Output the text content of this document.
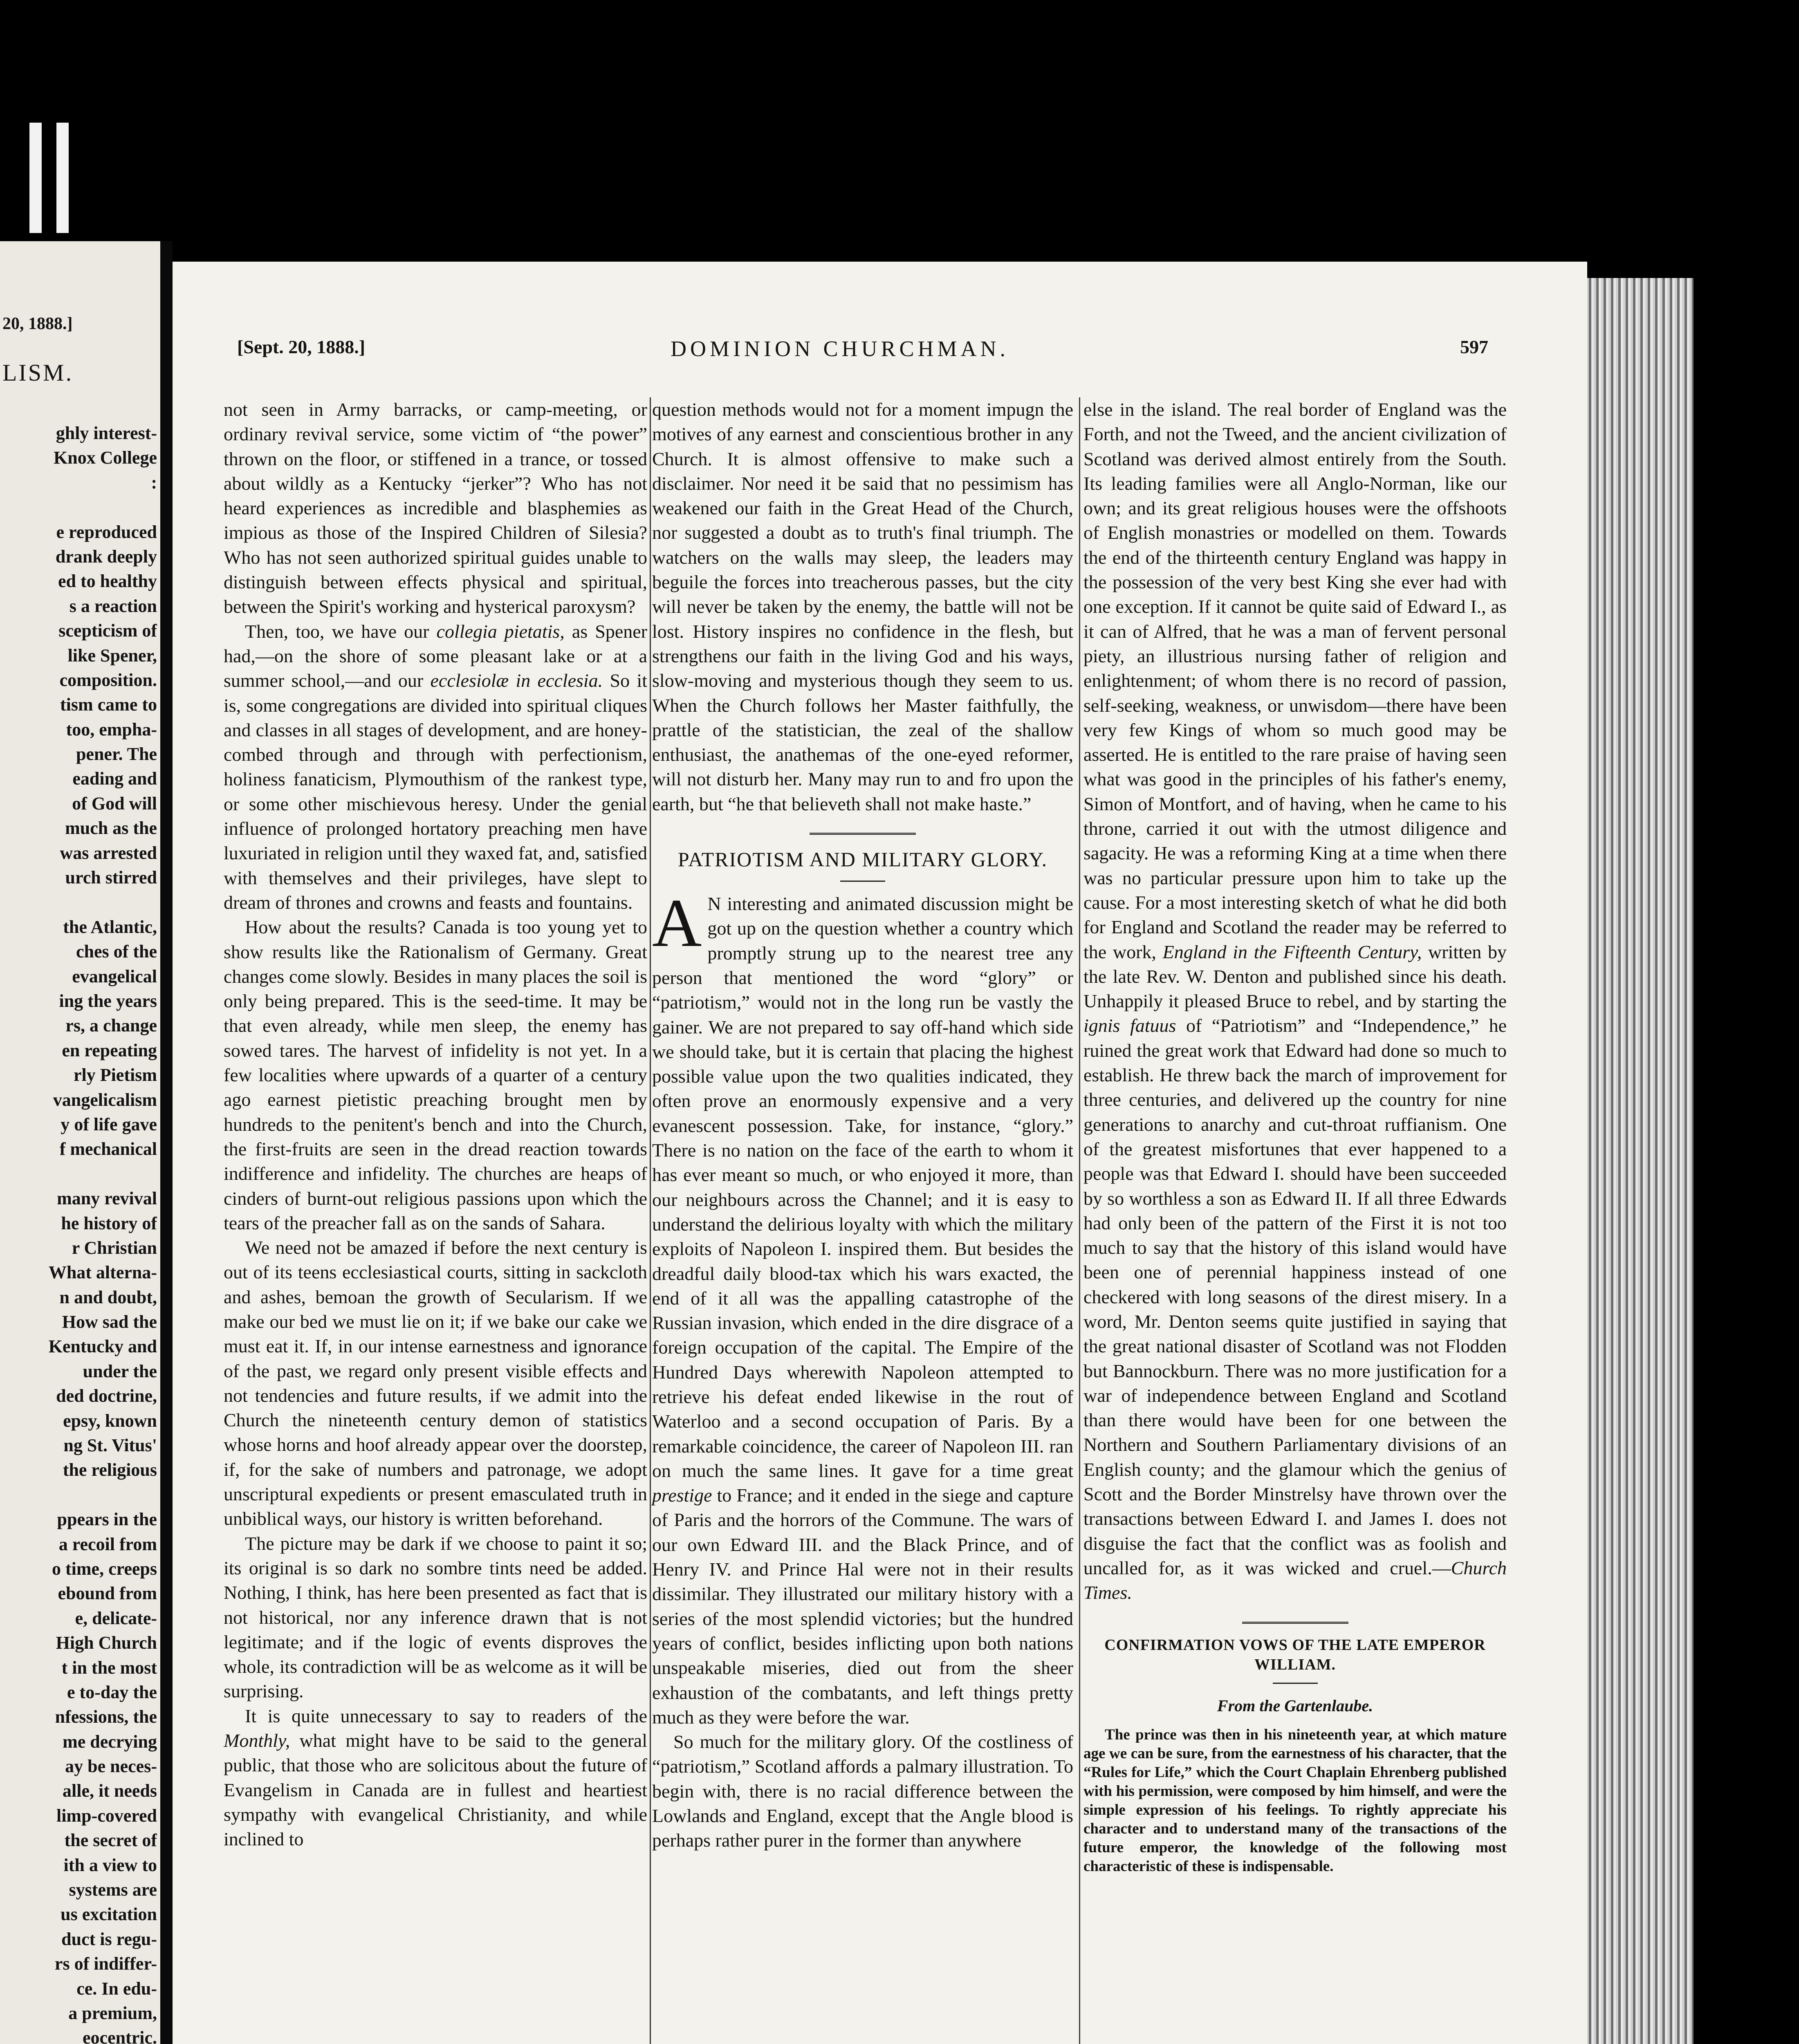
20, 1888.]
LISM.
ghly interest-
Knox College
:
e reproduced
drank deeply
ed to healthy
s a reaction
scepticism of
like Spener,
composition.
tism came to
too, empha-
pener. The
eading and
of God will
much as the
was arrested
urch stirred
the Atlantic,
ches of the
evangelical
ing the years
rs, a change
en repeating
rly Pietism
vangelicalism
y of life gave
f mechanical
many revival
he history of
r Christian
What alterna-
n and doubt,
How sad the
Kentucky and
under the
ded doctrine,
epsy, known
ng St. Vitus'
the religious
ppears in the
a recoil from
o time, creeps
ebound from
e, delicate-
High Church
t in the most
e to-day the
nfessions, the
me decrying
ay be neces-
alle, it needs
limp-covered
the secret of
ith a view to
systems are
us excitation
duct is regu-
rs of indiffer-
ce. In edu-
a premium,
eocentric.
[Sept. 20, 1888.]	DOMINION CHURCHMAN.	597

not seen in Army barracks, or camp-meeting, or ordinary revival service, some victim of “the power” thrown on the floor, or stiffened in a trance, or tossed about wildly as a Kentucky “jerker”? Who has not heard experiences as incredible and blasphemies as impious as those of the Inspired Children of Silesia? Who has not seen authorized spiritual guides unable to distinguish between effects physical and spiritual, between the Spirit's working and hysterical paroxysm?

Then, too, we have our collegia pietatis, as Spener had,—on the shore of some pleasant lake or at a summer school,—and our ecclesiolæ in ecclesia. So it is, some congregations are divided into spiritual cliques and classes in all stages of development, and are honey-combed through and through with perfectionism, holiness fanaticism, Plymouthism of the rankest type, or some other mischievous heresy. Under the genial influence of prolonged hortatory preaching men have luxuriated in religion until they waxed fat, and, satisfied with themselves and their privileges, have slept to dream of thrones and crowns and feasts and fountains.

How about the results? Canada is too young yet to show results like the Rationalism of Germany. Great changes come slowly. Besides in many places the soil is only being prepared. This is the seed-time. It may be that even already, while men sleep, the enemy has sowed tares. The harvest of infidelity is not yet. In a few localities where upwards of a quarter of a century ago earnest pietistic preaching brought men by hundreds to the penitent's bench and into the Church, the first-fruits are seen in the dread reaction towards indifference and infidelity. The churches are heaps of cinders of burnt-out religious passions upon which the tears of the preacher fall as on the sands of Sahara.

We need not be amazed if before the next century is out of its teens ecclesiastical courts, sitting in sackcloth and ashes, bemoan the growth of Secularism. If we make our bed we must lie on it; if we bake our cake we must eat it. If, in our intense earnestness and ignorance of the past, we regard only present visible effects and not tendencies and future results, if we admit into the Church the nineteenth century demon of statistics whose horns and hoof already appear over the doorstep, if, for the sake of numbers and patronage, we adopt unscriptural expedients or present emasculated truth in unbiblical ways, our history is written beforehand.

The picture may be dark if we choose to paint it so; its original is so dark no sombre tints need be added. Nothing, I think, has here been presented as fact that is not historical, nor any inference drawn that is not legitimate; and if the logic of events disproves the whole, its contradiction will be as welcome as it will be surprising.

It is quite unnecessary to say to readers of the Monthly, what might have to be said to the general public, that those who are solicitous about the future of Evangelism in Canada are in fullest and heartiest sympathy with evangelical Christianity, and while inclined to

question methods would not for a moment impugn the motives of any earnest and conscientious brother in any Church. It is almost offensive to make such a disclaimer. Nor need it be said that no pessimism has weakened our faith in the Great Head of the Church, nor suggested a doubt as to truth's final triumph. The watchers on the walls may sleep, the leaders may beguile the forces into treacherous passes, but the city will never be taken by the enemy, the battle will not be lost. History inspires no confidence in the flesh, but strengthens our faith in the living God and his ways, slow-moving and mysterious though they seem to us. When the Church follows her Master faithfully, the prattle of the statistician, the zeal of the shallow enthusiast, the anathemas of the one-eyed reformer, will not disturb her. Many may run to and fro upon the earth, but “he that believeth shall not make haste.”

PATRIOTISM AND MILITARY GLORY.

A N interesting and animated discussion might be got up on the question whether a country which promptly strung up to the nearest tree any person that mentioned the word “glory” or “patriotism,” would not in the long run be vastly the gainer. We are not prepared to say off-hand which side we should take, but it is certain that placing the highest possible value upon the two qualities indicated, they often prove an enormously expensive and a very evanescent possession. Take, for instance, “glory.” There is no nation on the face of the earth to whom it has ever meant so much, or who enjoyed it more, than our neighbours across the Channel; and it is easy to understand the delirious loyalty with which the military exploits of Napoleon I. inspired them. But besides the dreadful daily blood-tax which his wars exacted, the end of it all was the appalling catastrophe of the Russian invasion, which ended in the dire disgrace of a foreign occupation of the capital. The Empire of the Hundred Days wherewith Napoleon attempted to retrieve his defeat ended likewise in the rout of Waterloo and a second occupation of Paris. By a remarkable coincidence, the career of Napoleon III. ran on much the same lines. It gave for a time great prestige to France; and it ended in the siege and capture of Paris and the horrors of the Commune. The wars of our own Edward III. and the Black Prince, and of Henry IV. and Prince Hal were not in their results dissimilar. They illustrated our military history with a series of the most splendid victories; but the hundred years of conflict, besides inflicting upon both nations unspeakable miseries, died out from the sheer exhaustion of the combatants, and left things pretty much as they were before the war.

So much for the military glory. Of the costliness of “patriotism,” Scotland affords a palmary illustration. To begin with, there is no racial difference between the Lowlands and England, except that the Angle blood is perhaps rather purer in the former than anywhere

else in the island. The real border of England was the Forth, and not the Tweed, and the ancient civilization of Scotland was derived almost entirely from the South. Its leading families were all Anglo-Norman, like our own; and its great religious houses were the offshoots of English monastries or modelled on them. Towards the end of the thirteenth century England was happy in the possession of the very best King she ever had with one exception. If it cannot be quite said of Edward I., as it can of Alfred, that he was a man of fervent personal piety, an illustrious nursing father of religion and enlightenment; of whom there is no record of passion, self-seeking, weakness, or unwisdom—there have been very few Kings of whom so much good may be asserted. He is entitled to the rare praise of having seen what was good in the principles of his father's enemy, Simon of Montfort, and of having, when he came to his throne, carried it out with the utmost diligence and sagacity. He was a reforming King at a time when there was no particular pressure upon him to take up the cause. For a most interesting sketch of what he did both for England and Scotland the reader may be referred to the work, England in the Fifteenth Century, written by the late Rev. W. Denton and published since his death. Unhappily it pleased Bruce to rebel, and by starting the ignis fatuus of “Patriotism” and “Independence,” he ruined the great work that Edward had done so much to establish. He threw back the march of improvement for three centuries, and delivered up the country for nine generations to anarchy and cut-throat ruffianism. One of the greatest misfortunes that ever happened to a people was that Edward I. should have been succeeded by so worthless a son as Edward II. If all three Edwards had only been of the pattern of the First it is not too much to say that the history of this island would have been one of perennial happiness instead of one checkered with long seasons of the direst misery. In a word, Mr. Denton seems quite justified in saying that the great national disaster of Scotland was not Flodden but Bannockburn. There was no more justification for a war of independence between England and Scotland than there would have been for one between the Northern and Southern Parliamentary divisions of an English county; and the glamour which the genius of Scott and the Border Minstrelsy have thrown over the transactions between Edward I. and James I. does not disguise the fact that the conflict was as foolish and uncalled for, as it was wicked and cruel.—Church Times.

CONFIRMATION VOWS OF THE LATE EMPEROR WILLIAM.
From the Gartenlaube.

The prince was then in his nineteenth year, at which mature age we can be sure, from the earnestness of his character, that the “Rules for Life,” which the Court Chaplain Ehrenberg published with his permission, were composed by him himself, and were the simple expression of his feelings. To rightly appreciate his character and to understand many of the transactions of the future emperor, the knowledge of the following most characteristic of these is indispensable.
